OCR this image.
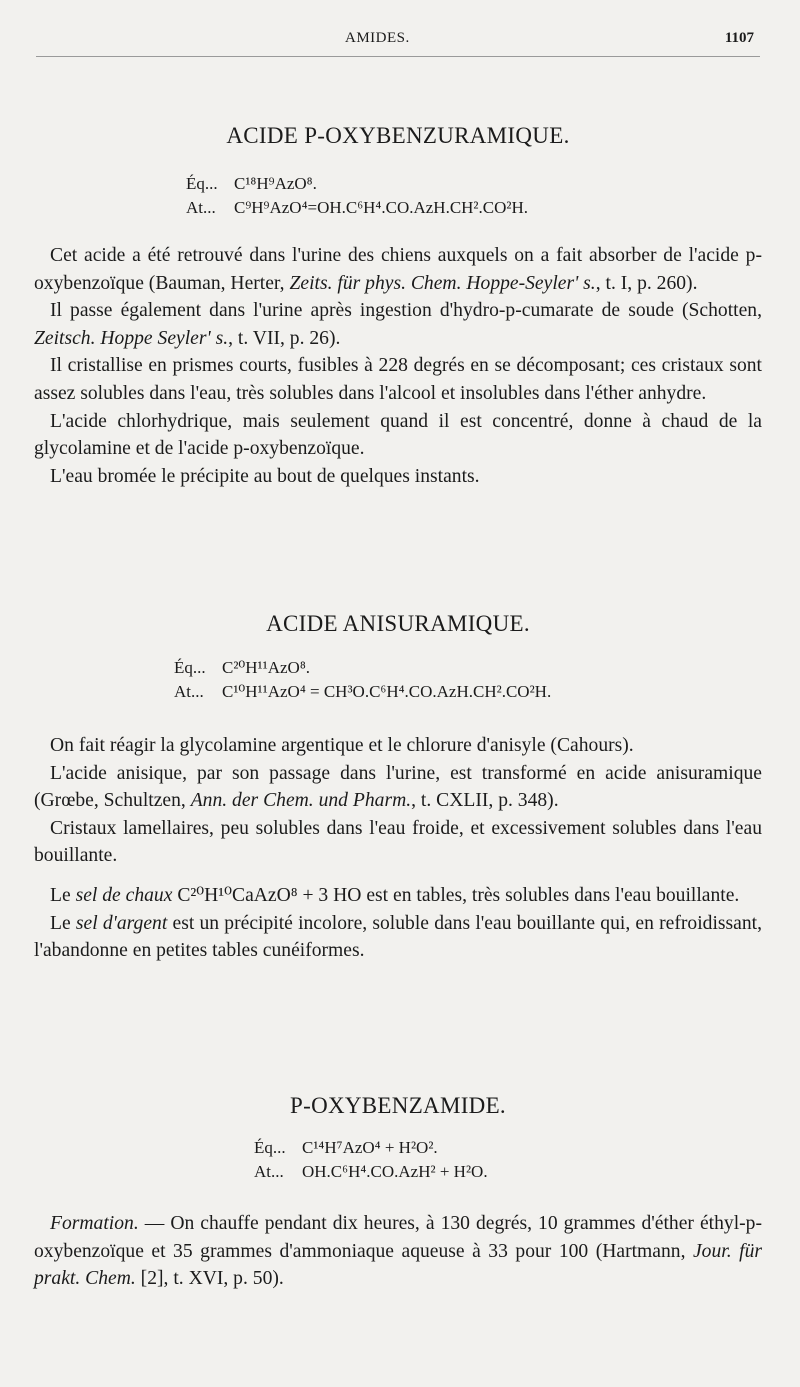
AMIDES.	1107
ACIDE P-OXYBENZURAMIQUE.
Éq... C¹⁸H⁹AzO⁸.
At... C⁹H⁹AzO⁴=OH.C⁶H⁴.CO.AzH.CH².CO²H.

Cet acide a été retrouvé dans l'urine des chiens auxquels on a fait absorber de l'acide p-oxybenzoïque (Bauman, Herter, Zeits. für phys. Chem. Hoppe-Seyler' s., t. I, p. 260).

Il passe également dans l'urine après ingestion d'hydro-p-cumarate de soude (Schotten, Zeitsch. Hoppe Seyler' s., t. VII, p. 26).

Il cristallise en prismes courts, fusibles à 228 degrés en se décomposant; ces cristaux sont assez solubles dans l'eau, très solubles dans l'alcool et insolubles dans l'éther anhydre.

L'acide chlorhydrique, mais seulement quand il est concentré, donne à chaud de la glycolamine et de l'acide p-oxybenzoïque.

L'eau bromée le précipite au bout de quelques instants.

ACIDE ANISURAMIQUE.
Éq... C²⁰H¹¹AzO⁸.
At... C¹⁰H¹¹AzO⁴ = CH³O.C⁶H⁴.CO.AzH.CH².CO²H.

On fait réagir la glycolamine argentique et le chlorure d'anisyle (Cahours).

L'acide anisique, par son passage dans l'urine, est transformé en acide anisuramique (Grœbe, Schultzen, Ann. der Chem. und Pharm., t. CXLII, p. 348).

Cristaux lamellaires, peu solubles dans l'eau froide, et excessivement solubles dans l'eau bouillante.

Le sel de chaux C²⁰H¹⁰CaAzO⁸ + 3 HO est en tables, très solubles dans l'eau bouillante.

Le sel d'argent est un précipité incolore, soluble dans l'eau bouillante qui, en refroidissant, l'abandonne en petites tables cunéiformes.

P-OXYBENZAMIDE.
Éq... C¹⁴H⁷AzO⁴ + H²O².
At... OH.C⁶H⁴.CO.AzH² + H²O.

Formation. — On chauffe pendant dix heures, à 130 degrés, 10 grammes d'éther éthyl-p-oxybenzoïque et 35 grammes d'ammoniaque aqueuse à 33 pour 100 (Hartmann, Jour. für prakt. Chem. [2], t. XVI, p. 50).
